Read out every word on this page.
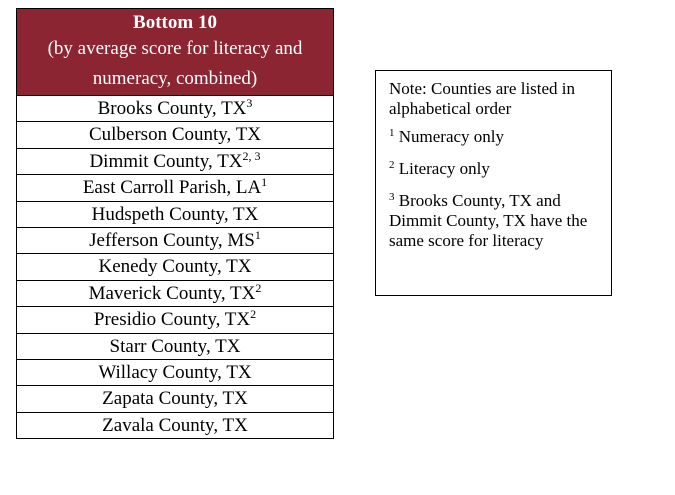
Bottom 10
(by average score for literacy and
numeracy, combined)
Brooks County, $TX^3$
Culberson County, TX
Dimmit County, TX$^{2, 3}$
East Carroll Parish, $LA^1$
Hudspeth County, TX
Jefferson County, $MS^1$
Kenedy County, TX
Maverick County, $TX^2$
Presidio County, $TX^2$
Starr County, TX
Willacy County, TX
Zapata County, TX
Zavala County, TX

Note: Counties are listed in alphabetical order

$^1$ Numeracy only

$^2$ Literacy only

$^3$ Brooks County, TX and Dimmit County, TX have the same score for literacy
